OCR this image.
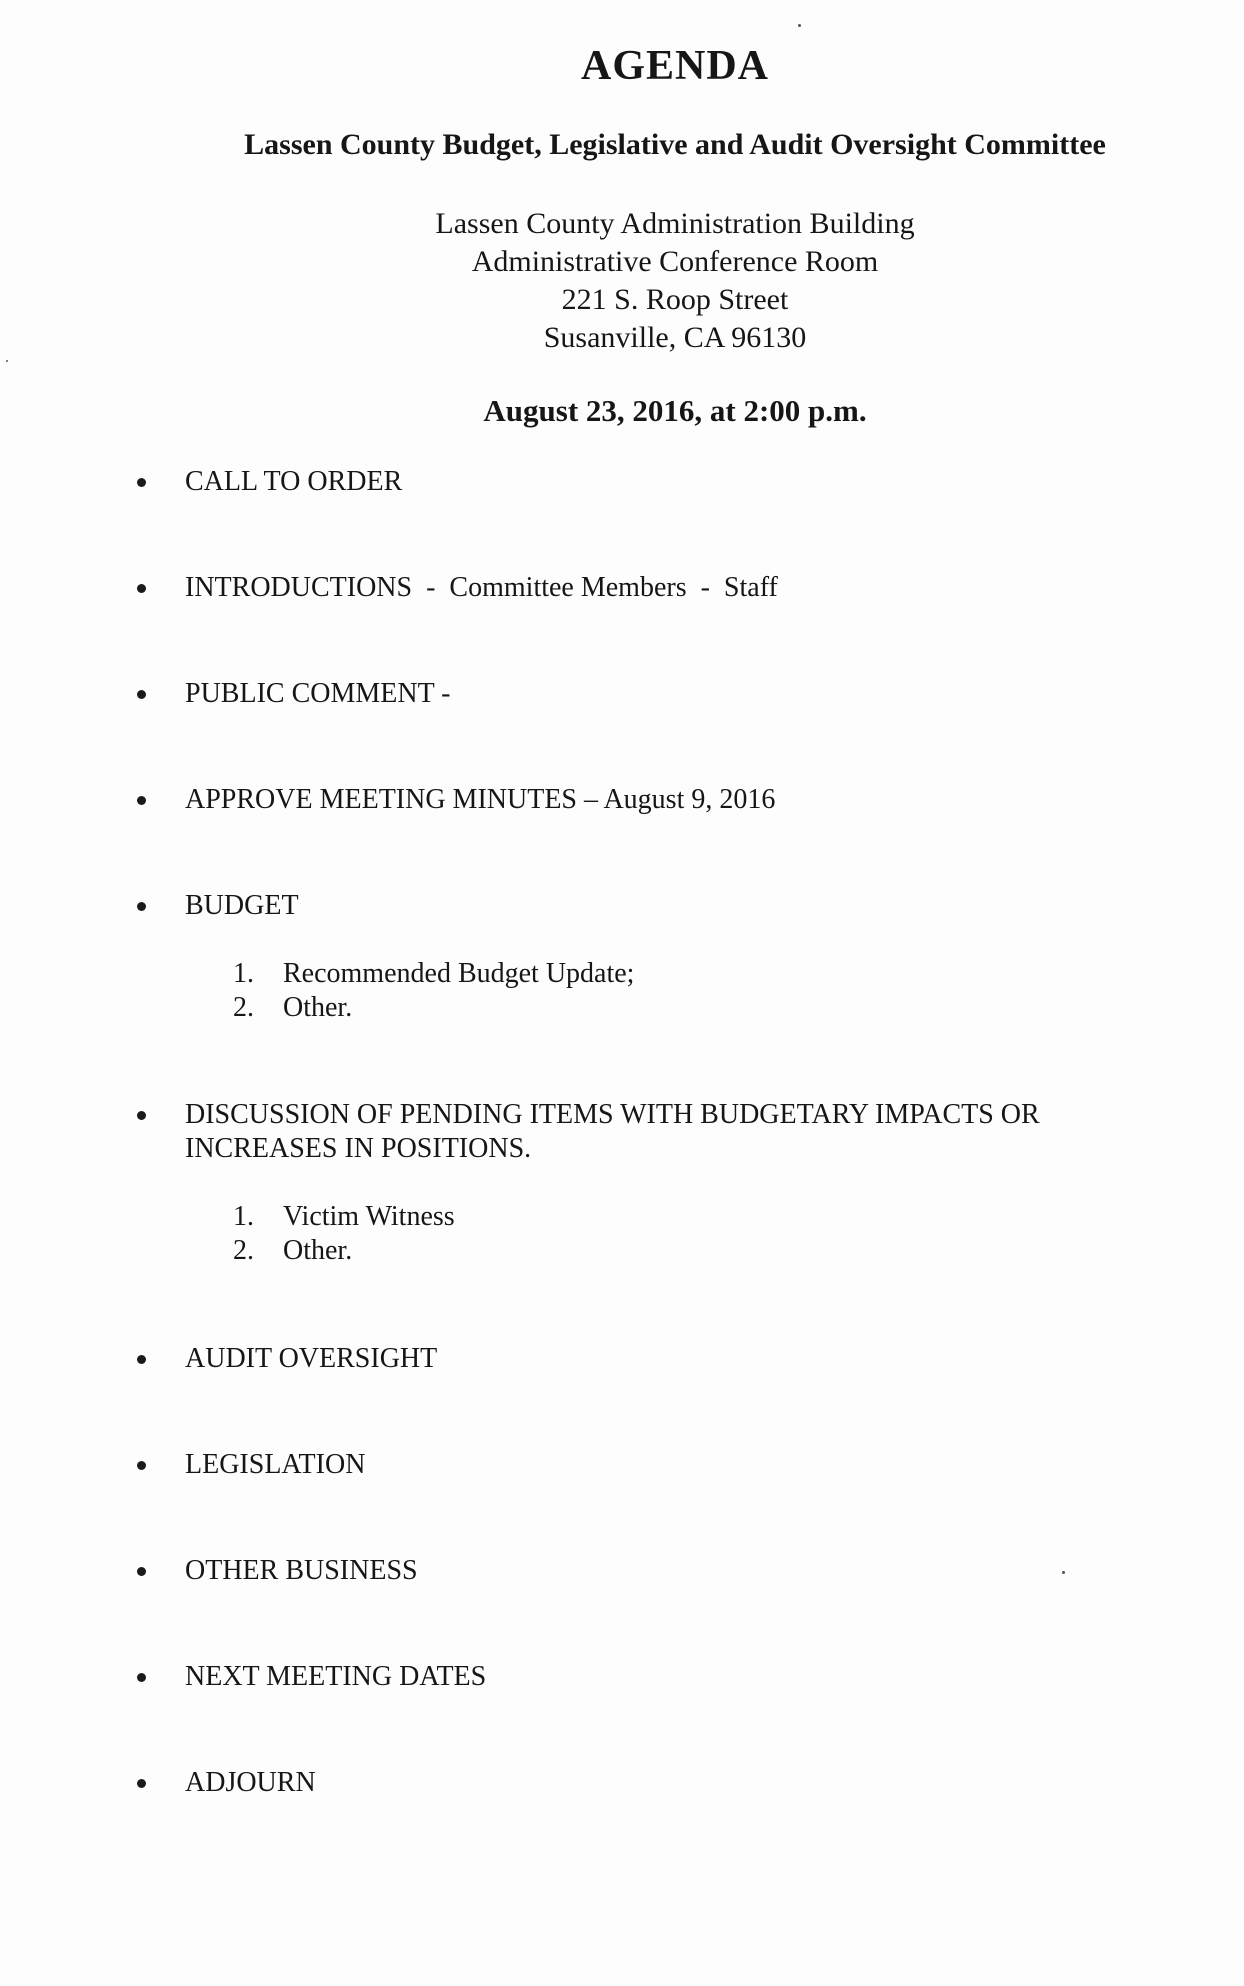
AGENDA
Lassen County Budget, Legislative and Audit Oversight Committee
Lassen County Administration Building
Administrative Conference Room
221 S. Roop Street
Susanville, CA 96130
August 23, 2016, at 2:00 p.m.
CALL TO ORDER
INTRODUCTIONS  -  Committee Members  -  Staff
PUBLIC COMMENT -
APPROVE MEETING MINUTES – August 9, 2016
BUDGET
1. Recommended Budget Update;
2. Other.
DISCUSSION OF PENDING ITEMS WITH BUDGETARY IMPACTS OR
INCREASES IN POSITIONS.
1. Victim Witness
2. Other.
AUDIT OVERSIGHT
LEGISLATION
OTHER BUSINESS
NEXT MEETING DATES
ADJOURN
